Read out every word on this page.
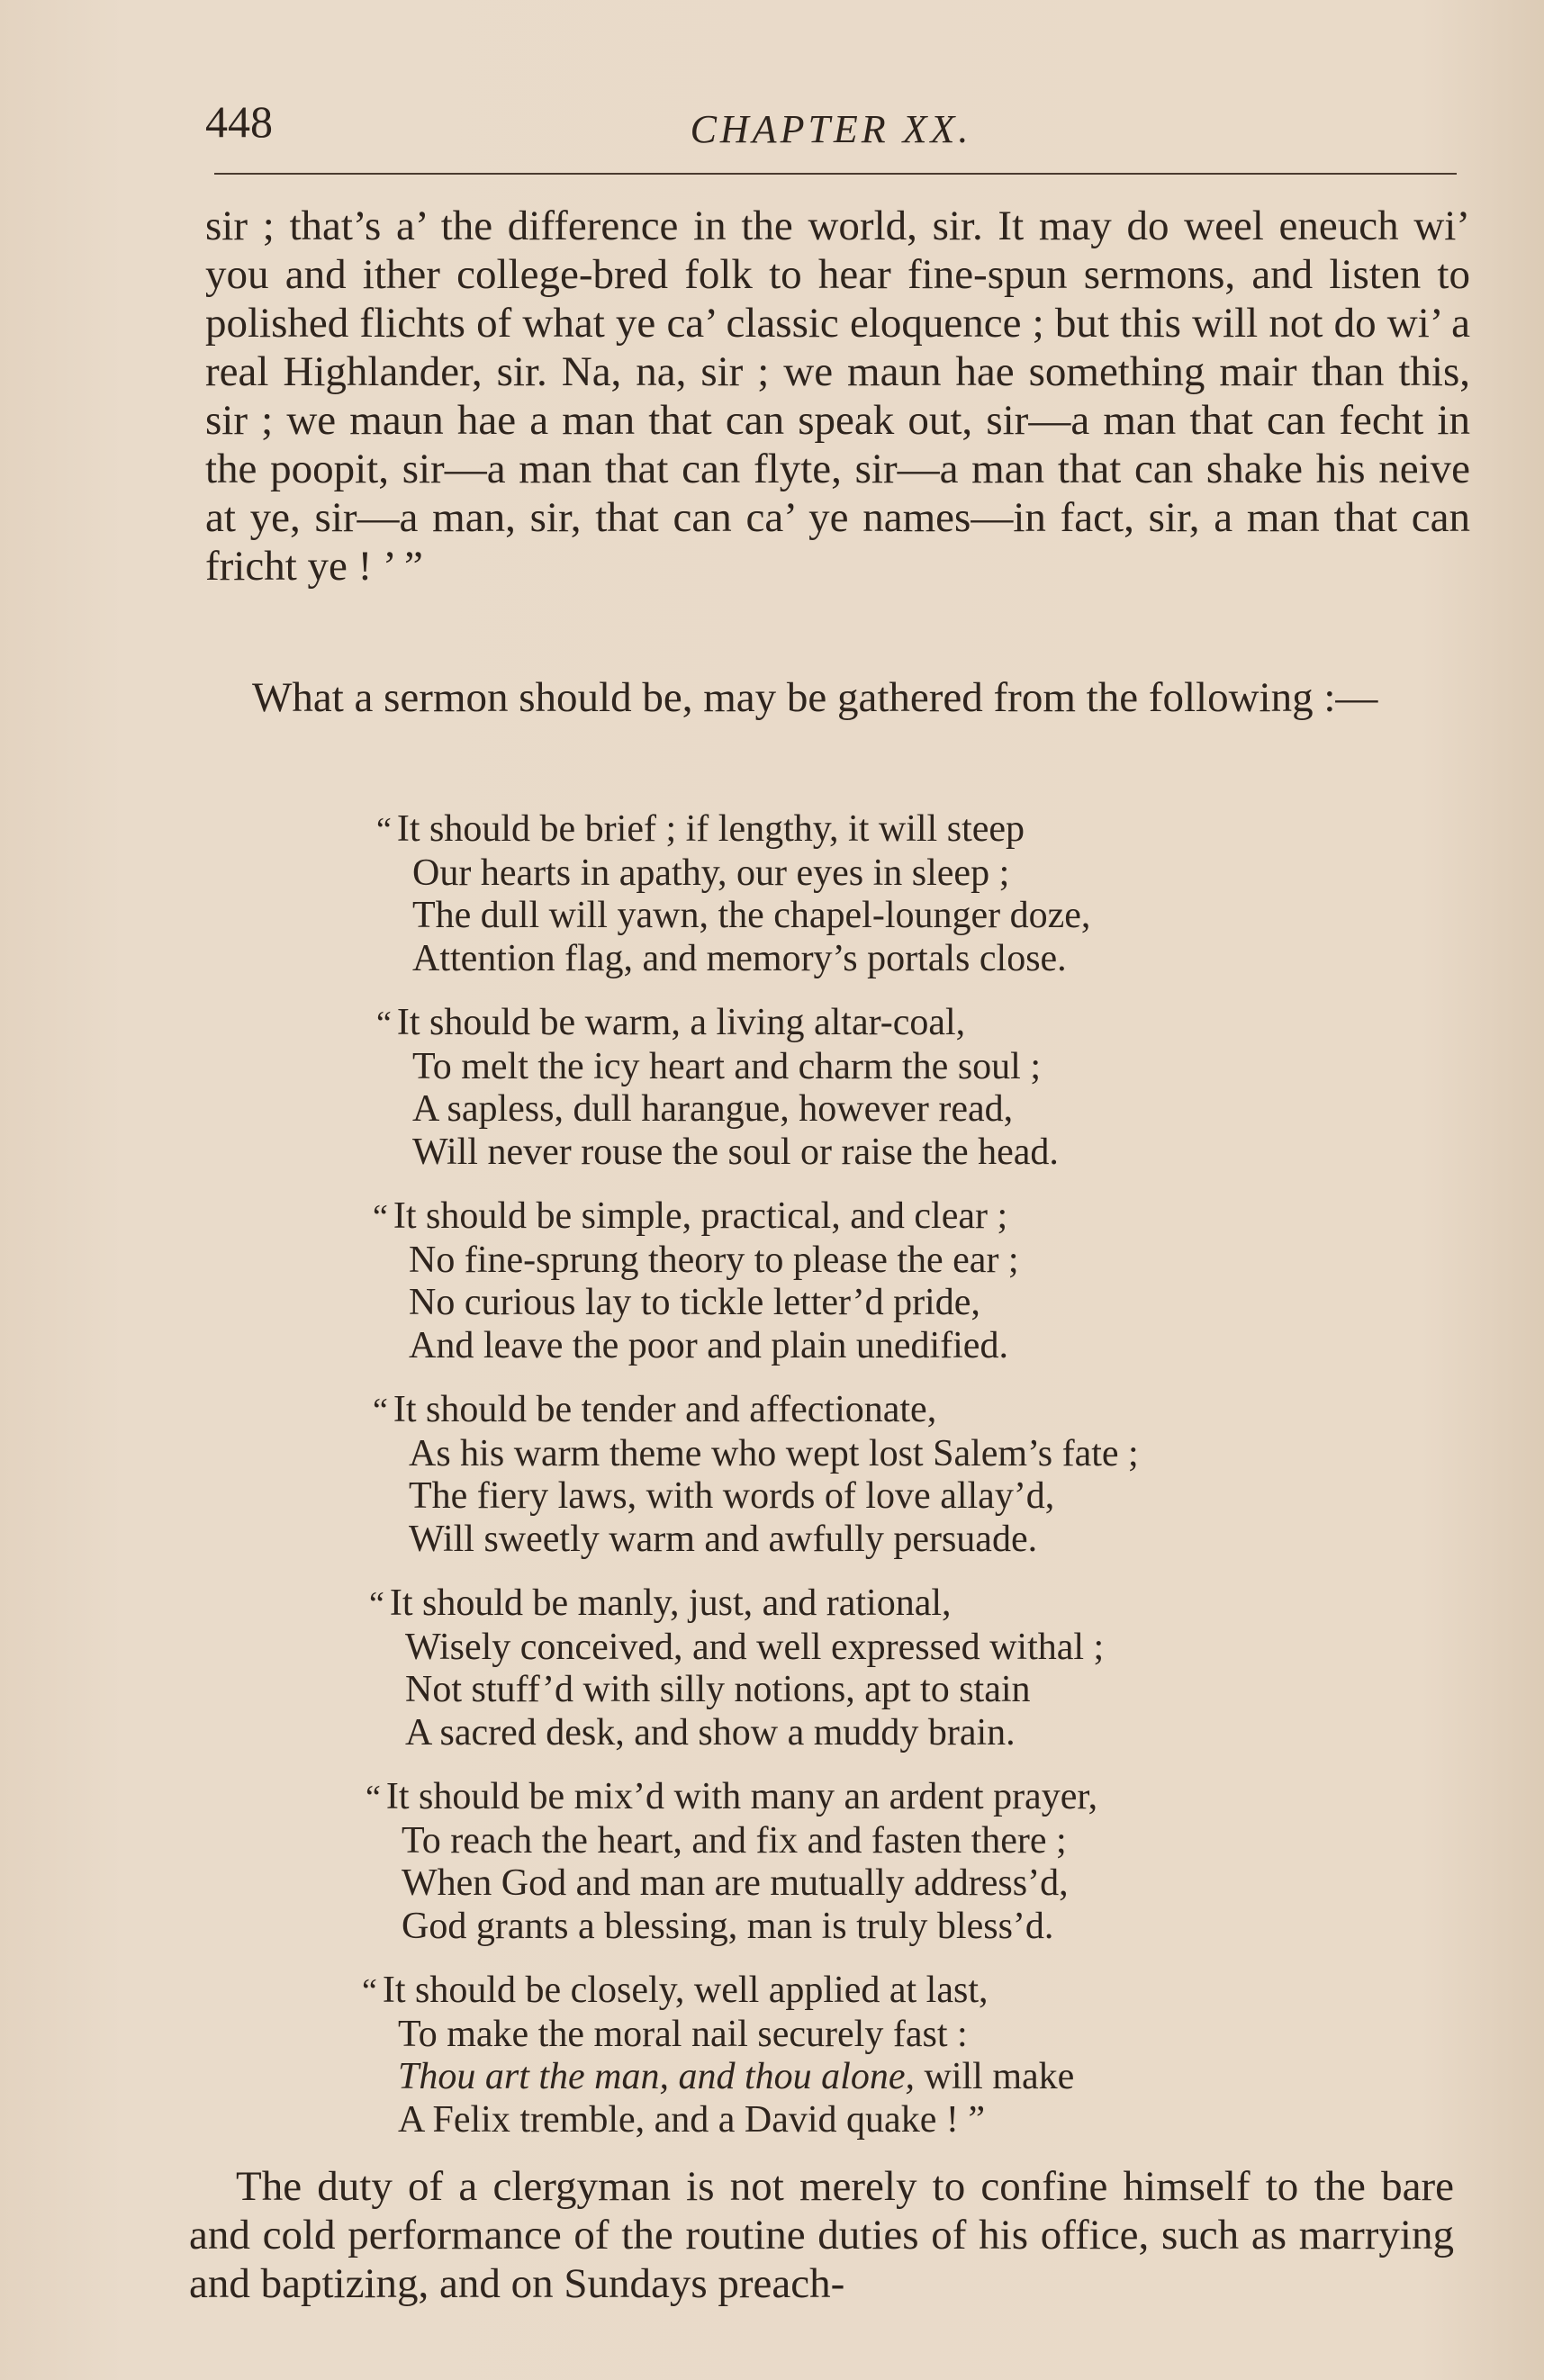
448	CHAPTER XX.

sir ; that’s a’ the difference in the world, sir. It may do weel eneuch wi’ you and ither college-bred folk to hear fine-spun sermons, and listen to polished flichts of what ye ca’ classic eloquence ; but this will not do wi’ a real Highlander, sir. Na, na, sir ; we maun hae something mair than this, sir ; we maun hae a man that can speak out, sir—a man that can fecht in the poopit, sir—a man that can flyte, sir—a man that can shake his neive at ye, sir—a man, sir, that can ca’ ye names—in fact, sir, a man that can fricht ye ! ’ ”

What a sermon should be, may be gathered from the following :—

“ It should be brief ; if lengthy, it will steep
Our hearts in apathy, our eyes in sleep ;
The dull will yawn, the chapel-lounger doze,
Attention flag, and memory’s portals close.
“ It should be warm, a living altar-coal,
To melt the icy heart and charm the soul ;
A sapless, dull harangue, however read,
Will never rouse the soul or raise the head.
“ It should be simple, practical, and clear ;
No fine-sprung theory to please the ear ;
No curious lay to tickle letter’d pride,
And leave the poor and plain unedified.
“ It should be tender and affectionate,
As his warm theme who wept lost Salem’s fate ;
The fiery laws, with words of love allay’d,
Will sweetly warm and awfully persuade.
“ It should be manly, just, and rational,
Wisely conceived, and well expressed withal ;
Not stuff’d with silly notions, apt to stain
A sacred desk, and show a muddy brain.
“ It should be mix’d with many an ardent prayer,
To reach the heart, and fix and fasten there ;
When God and man are mutually address’d,
God grants a blessing, man is truly bless’d.
“ It should be closely, well applied at last,
To make the moral nail securely fast :
Thou art the man, and thou alone, will make
A Felix tremble, and a David quake ! ”

The duty of a clergyman is not merely to confine himself to the bare and cold performance of the routine duties of his office, such as marrying and baptizing, and on Sundays preach-
